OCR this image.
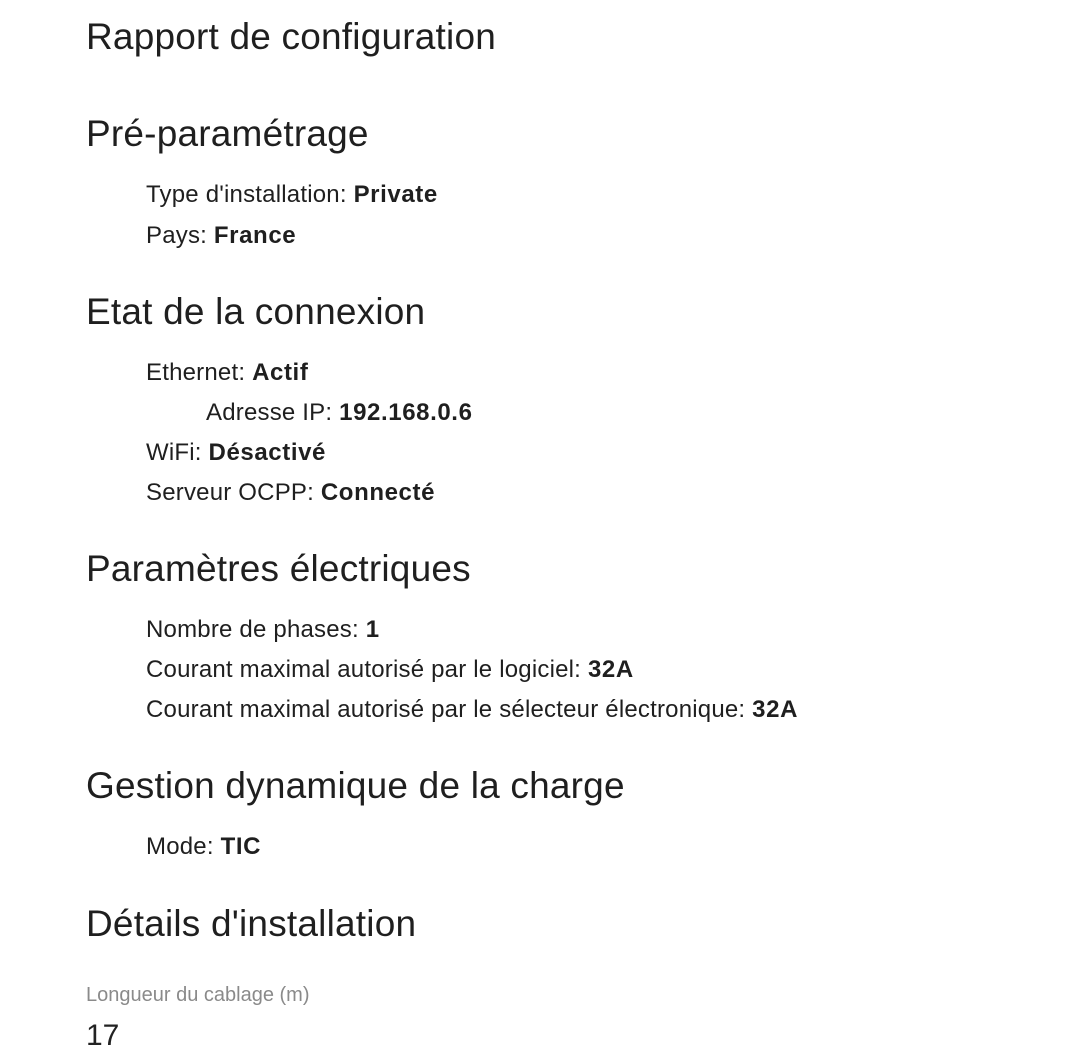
Rapport de configuration
Pré-paramétrage
Type d'installation: Private
Pays: France
Etat de la connexion
Ethernet: Actif
Adresse IP: 192.168.0.6
WiFi: Désactivé
Serveur OCPP: Connecté
Paramètres électriques
Nombre de phases: 1
Courant maximal autorisé par le logiciel: 32A
Courant maximal autorisé par le sélecteur électronique: 32A
Gestion dynamique de la charge
Mode: TIC
Détails d'installation
Longueur du cablage (m)
17
